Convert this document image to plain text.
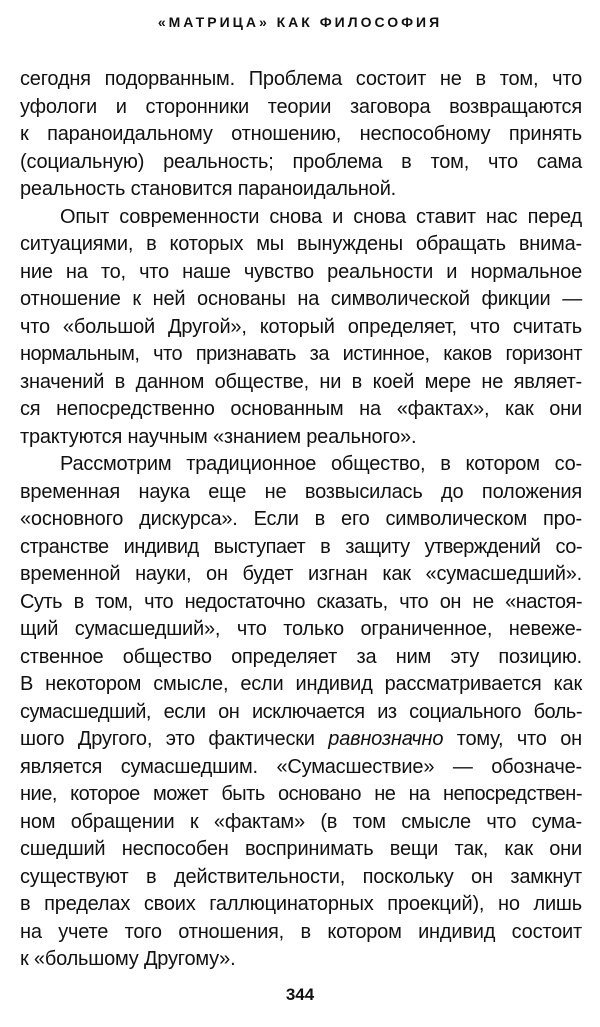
«МАТРИЦА» КАК ФИЛОСОФИЯ
сегодня подорванным. Проблема состоит не в том, что
уфологи и сторонники теории заговора возвращаются
к параноидальному отношению, неспособному принять
(социальную) реальность; проблема в том, что сама
реальность становится параноидальной.
Опыт современности снова и снова ставит нас перед
ситуациями, в которых мы вынуждены обращать внима-
ние на то, что наше чувство реальности и нормальное
отношение к ней основаны на символической фикции —
что «большой Другой», который определяет, что считать
нормальным, что признавать за истинное, каков горизонт
значений в данном обществе, ни в коей мере не являет-
ся непосредственно основанным на «фактах», как они
трактуются научным «знанием реального».
Рассмотрим традиционное общество, в котором со-
временная наука еще не возвысилась до положения
«основного дискурса». Если в его символическом про-
странстве индивид выступает в защиту утверждений со-
временной науки, он будет изгнан как «сумасшедший».
Суть в том, что недостаточно сказать, что он не «настоя-
щий сумасшедший», что только ограниченное, невеже-
ственное общество определяет за ним эту позицию.
В некотором смысле, если индивид рассматривается как
сумасшедший, если он исключается из социального боль-
шого Другого, это фактически равнозначно тому, что он
является сумасшедшим. «Сумасшествие» — обозначе-
ние, которое может быть основано не на непосредствен-
ном обращении к «фактам» (в том смысле что сума-
сшедший неспособен воспринимать вещи так, как они
существуют в действительности, поскольку он замкнут
в пределах своих галлюцинаторных проекций), но лишь
на учете того отношения, в котором индивид состоит
к «большому Другому».
344
